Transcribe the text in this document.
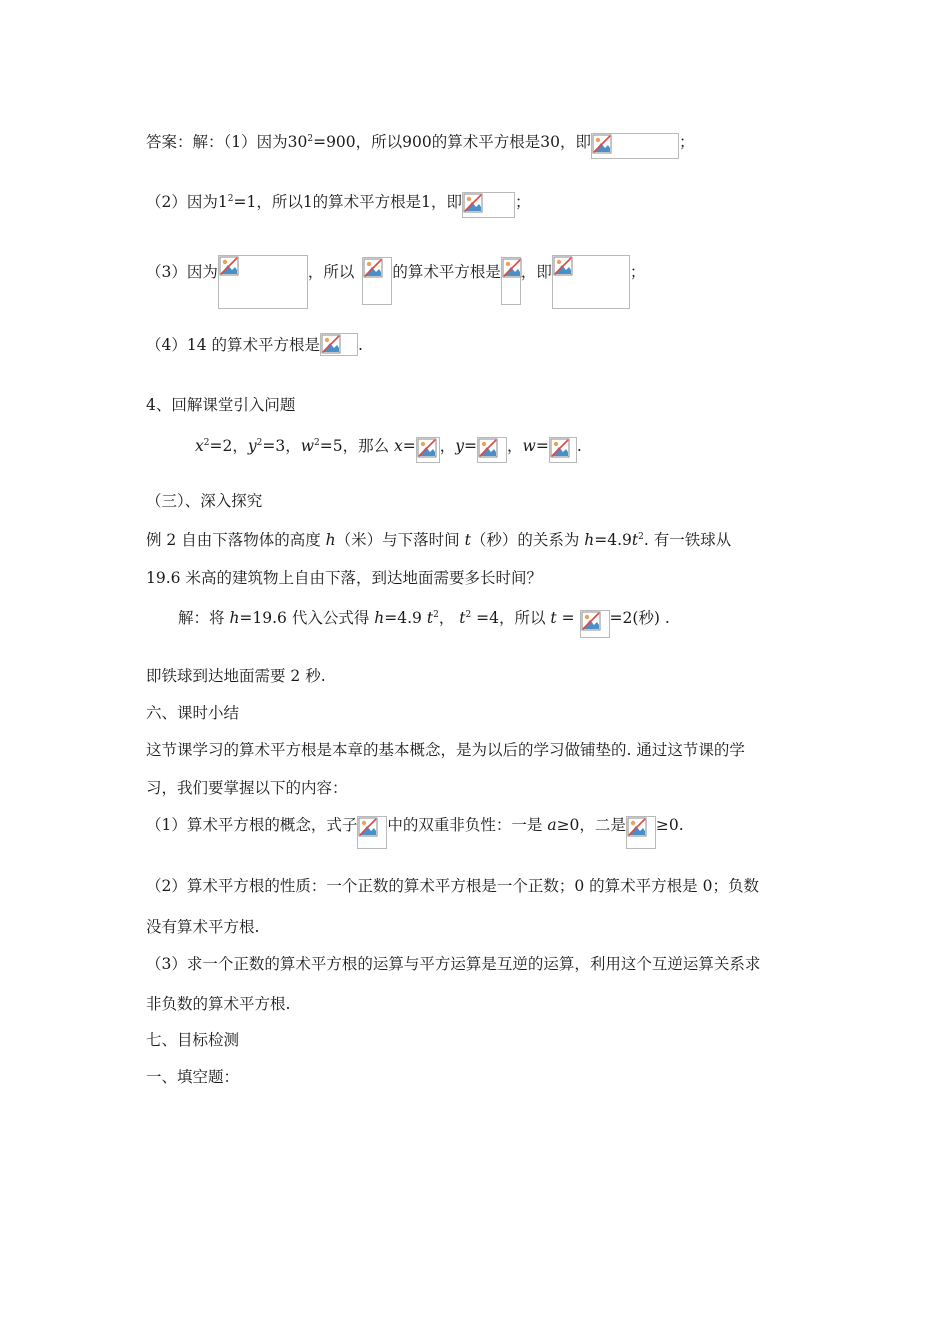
答案：解：（1）因为$30^2=900$，所以900的算术平方根是30，即	；
（2）因为$1^2=1$，所以1的算术平方根是1，即	；
（3）因为	，所以 的算术平方根是 ，即	；
（4）14 的算术平方根是 .
4、回解课堂引入问题
$x^2=2$，$y^2=3$，$w^2=5$，那么 x= ，y= ，w= .
（三）、深入探究
例 2 自由下落物体的高度 h（米）与下落时间 t（秒）的关系为 $h=4.9t^2$. 有一铁球从
19.6 米高的建筑物上自由下落，到达地面需要多长时间？
解：将 h=19.6 代入公式得 h=4.9 $t^2$， $t^2 =4$，所以 t =
=2(秒) .
即铁球到达地面需要 2 秒.
六、课时小结
这节课学习的算术平方根是本章的基本概念，是为以后的学习做铺垫的. 通过这节课的学
习，我们要掌握以下的内容：
（1）算术平方根的概念，式子 中的双重非负性：一是 a≥0，二是 ≥0.
（2）算术平方根的性质：一个正数的算术平方根是一个正数；0 的算术平方根是 0；负数
没有算术平方根.
（3）求一个正数的算术平方根的运算与平方运算是互逆的运算，利用这个互逆运算关系求
非负数的算术平方根.
七、目标检测
一、填空题：
